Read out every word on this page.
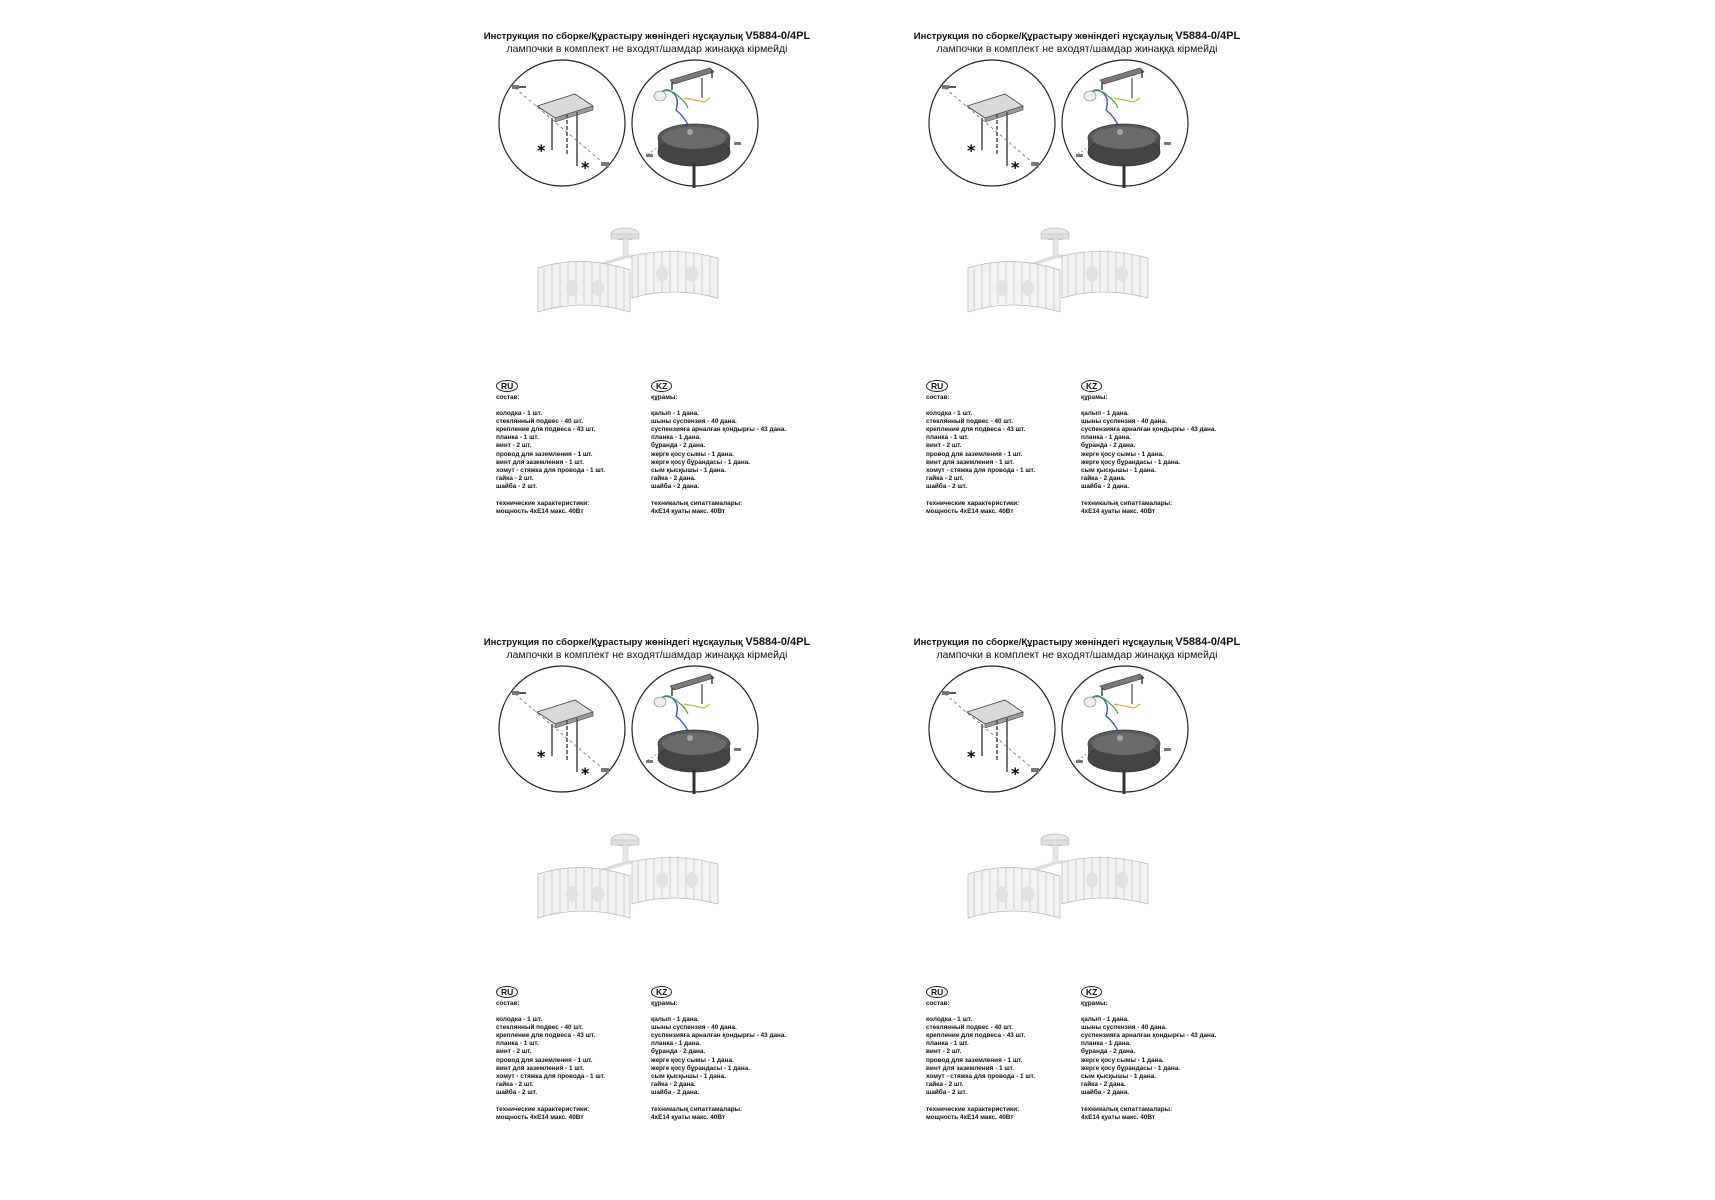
Инструкция по сборке/Құрастыру жөніндегі нұсқаулық V5884-0/4PL
лампочки в комплект не входят/шамдар жинаққа кірмейді
*
*
RU
состав:
колодка - 1 шт.
стеклянный подвес - 40 шт.
крепление для подвеса - 43 шт.
планка - 1 шт.
винт - 2 шт.
провод для заземления - 1 шт.
винт для заземления - 1 шт.
хомут - стяжка для провода - 1 шт.
гайка - 2 шт.
шайба - 2 шт.
технические характеристики:
мощность 4хЕ14 макс. 40Вт
KZ
құрамы:
қалып - 1 дана.
шыны суспензия - 40 дана.
суспензияға арналған қондырғы - 43 дана.
планка - 1 дана.
бұранда - 2 дана.
жерге қосу сымы - 1 дана.
жерге қосу бұрандасы - 1 дана.
сым қысқышы - 1 дана.
гайка - 2 дана.
шайба - 2 дана.
техникалық сипаттамалары:
4хЕ14 қуаты макс. 40Вт
Инструкция по сборке/Құрастыру жөніндегі нұсқаулық V5884-0/4PL
лампочки в комплект не входят/шамдар жинаққа кірмейді
*
*
RU
состав:
колодка - 1 шт.
стеклянный подвес - 40 шт.
крепление для подвеса - 43 шт.
планка - 1 шт.
винт - 2 шт.
провод для заземления - 1 шт.
винт для заземления - 1 шт.
хомут - стяжка для провода - 1 шт.
гайка - 2 шт.
шайба - 2 шт.
технические характеристики:
мощность 4хЕ14 макс. 40Вт
KZ
құрамы:
қалып - 1 дана.
шыны суспензия - 40 дана.
суспензияға арналған қондырғы - 43 дана.
планка - 1 дана.
бұранда - 2 дана.
жерге қосу сымы - 1 дана.
жерге қосу бұрандасы - 1 дана.
сым қысқышы - 1 дана.
гайка - 2 дана.
шайба - 2 дана.
техникалық сипаттамалары:
4хЕ14 қуаты макс. 40Вт
Инструкция по сборке/Құрастыру жөніндегі нұсқаулық V5884-0/4PL
лампочки в комплект не входят/шамдар жинаққа кірмейді
*
*
RU
состав:
колодка - 1 шт.
стеклянный подвес - 40 шт.
крепление для подвеса - 43 шт.
планка - 1 шт.
винт - 2 шт.
провод для заземления - 1 шт.
винт для заземления - 1 шт.
хомут - стяжка для провода - 1 шт.
гайка - 2 шт.
шайба - 2 шт.
технические характеристики:
мощность 4хЕ14 макс. 40Вт
KZ
құрамы:
қалып - 1 дана.
шыны суспензия - 40 дана.
суспензияға арналған қондырғы - 43 дана.
планка - 1 дана.
бұранда - 2 дана.
жерге қосу сымы - 1 дана.
жерге қосу бұрандасы - 1 дана.
сым қысқышы - 1 дана.
гайка - 2 дана.
шайба - 2 дана.
техникалық сипаттамалары:
4хЕ14 қуаты макс. 40Вт
Инструкция по сборке/Құрастыру жөніндегі нұсқаулық V5884-0/4PL
лампочки в комплект не входят/шамдар жинаққа кірмейді
*
*
RU
состав:
колодка - 1 шт.
стеклянный подвес - 40 шт.
крепление для подвеса - 43 шт.
планка - 1 шт.
винт - 2 шт.
провод для заземления - 1 шт.
винт для заземления - 1 шт.
хомут - стяжка для провода - 1 шт.
гайка - 2 шт.
шайба - 2 шт.
технические характеристики:
мощность 4хЕ14 макс. 40Вт
KZ
құрамы:
қалып - 1 дана.
шыны суспензия - 40 дана.
суспензияға арналған қондырғы - 43 дана.
планка - 1 дана.
бұранда - 2 дана.
жерге қосу сымы - 1 дана.
жерге қосу бұрандасы - 1 дана.
сым қысқышы - 1 дана.
гайка - 2 дана.
шайба - 2 дана.
техникалық сипаттамалары:
4хЕ14 қуаты макс. 40Вт
